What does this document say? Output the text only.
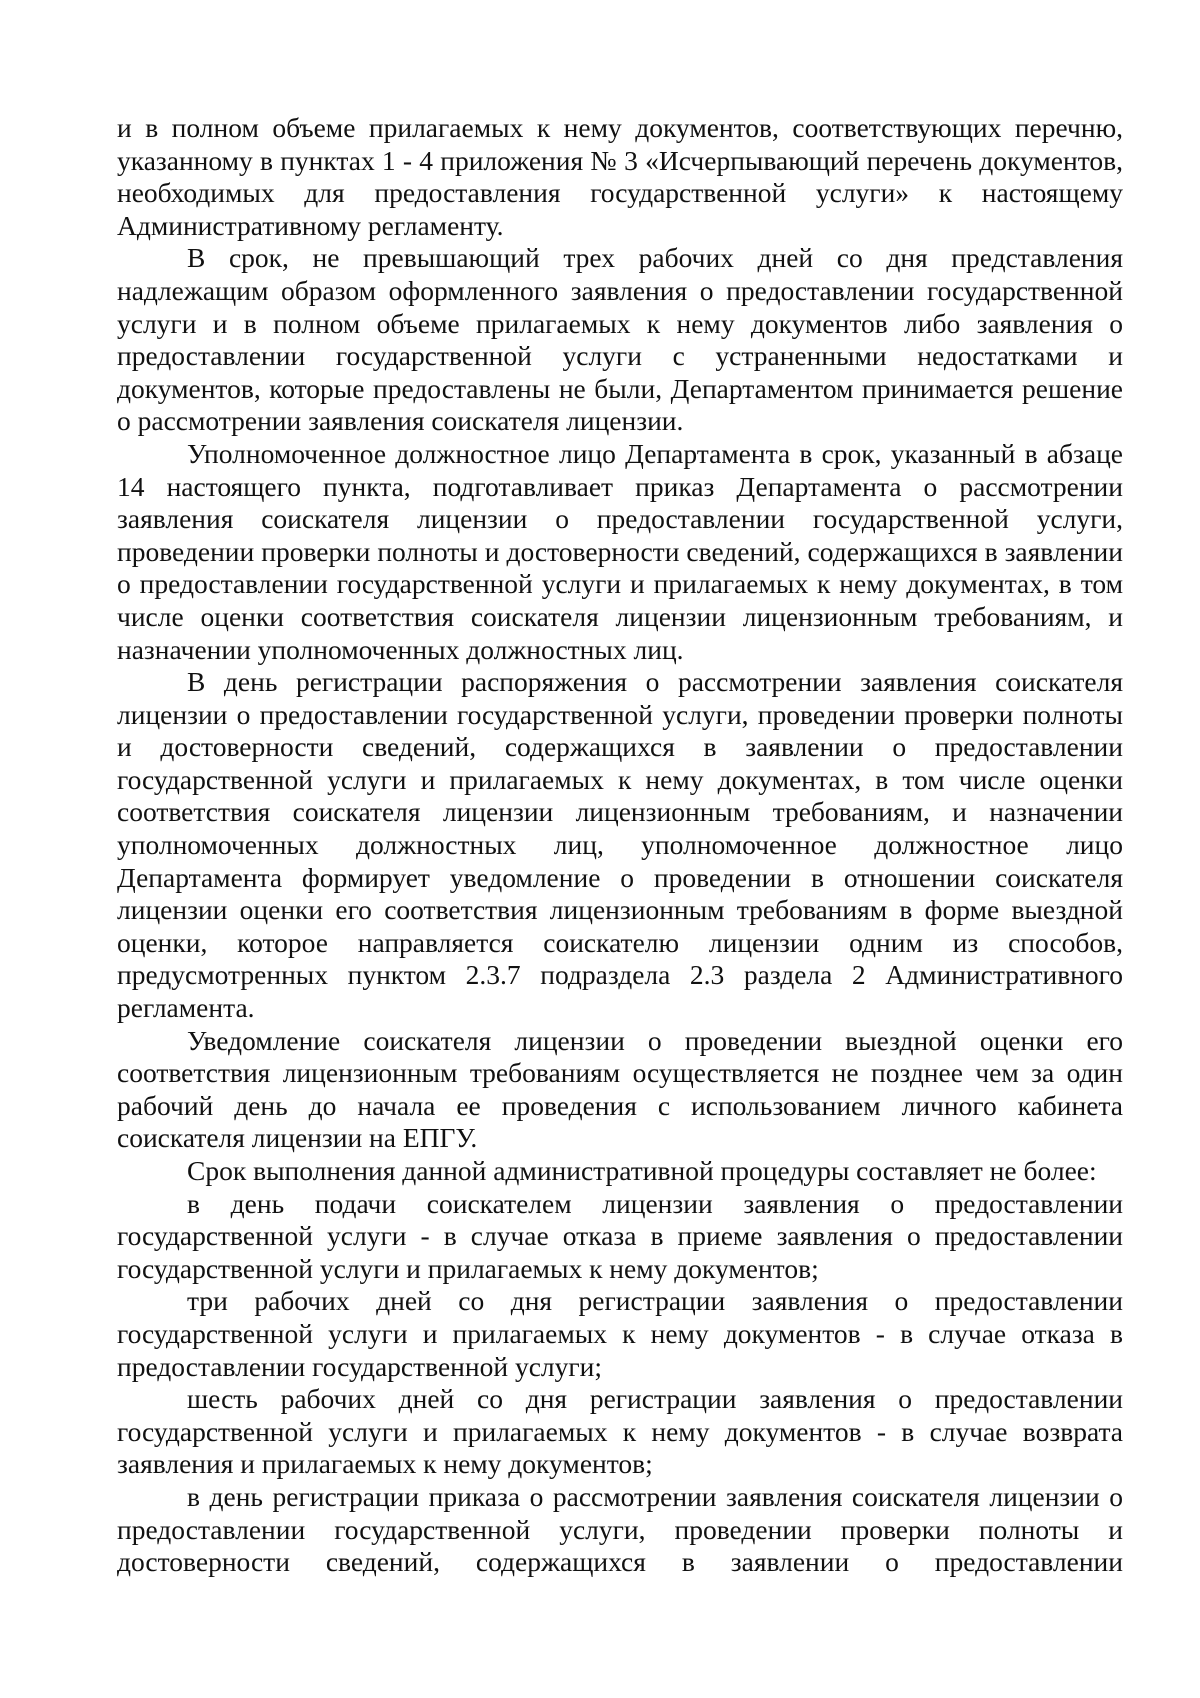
и в полном объеме прилагаемых к нему документов, соответствующих перечню, указанному в пунктах 1 - 4 приложения № 3 «Исчерпывающий перечень документов, необходимых для предоставления государственной услуги» к настоящему Административному регламенту.

В срок, не превышающий трех рабочих дней со дня представления надлежащим образом оформленного заявления о предоставлении государственной услуги и в полном объеме прилагаемых к нему документов либо заявления о предоставлении государственной услуги с устраненными недостатками и документов, которые предоставлены не были, Департаментом принимается решение о рассмотрении заявления соискателя лицензии.

Уполномоченное должностное лицо Департамента в срок, указанный в абзаце 14 настоящего пункта, подготавливает приказ Департамента о рассмотрении заявления соискателя лицензии о предоставлении государственной услуги, проведении проверки полноты и достоверности сведений, содержащихся в заявлении о предоставлении государственной услуги и прилагаемых к нему документах, в том числе оценки соответствия соискателя лицензии лицензионным требованиям, и назначении уполномоченных должностных лиц.

В день регистрации распоряжения о рассмотрении заявления соискателя лицензии о предоставлении государственной услуги, проведении проверки полноты и достоверности сведений, содержащихся в заявлении о предоставлении государственной услуги и прилагаемых к нему документах, в том числе оценки соответствия соискателя лицензии лицензионным требованиям, и назначении уполномоченных должностных лиц, уполномоченное должностное лицо Департамента формирует уведомление о проведении в отношении соискателя лицензии оценки его соответствия лицензионным требованиям в форме выездной оценки, которое направляется соискателю лицензии одним из способов, предусмотренных пунктом 2.3.7 подраздела 2.3 раздела 2 Административного регламента.

Уведомление соискателя лицензии о проведении выездной оценки его соответствия лицензионным требованиям осуществляется не позднее чем за один рабочий день до начала ее проведения с использованием личного кабинета соискателя лицензии на ЕПГУ.

Срок выполнения данной административной процедуры составляет не более:

в день подачи соискателем лицензии заявления о предоставлении государственной услуги - в случае отказа в приеме заявления о предоставлении государственной услуги и прилагаемых к нему документов;

три рабочих дней со дня регистрации заявления о предоставлении государственной услуги и прилагаемых к нему документов - в случае отказа в предоставлении государственной услуги;

шесть рабочих дней со дня регистрации заявления о предоставлении государственной услуги и прилагаемых к нему документов - в случае возврата заявления и прилагаемых к нему документов;

в день регистрации приказа о рассмотрении заявления соискателя лицензии о предоставлении государственной услуги, проведении проверки полноты и достоверности сведений, содержащихся в заявлении о предоставлении
